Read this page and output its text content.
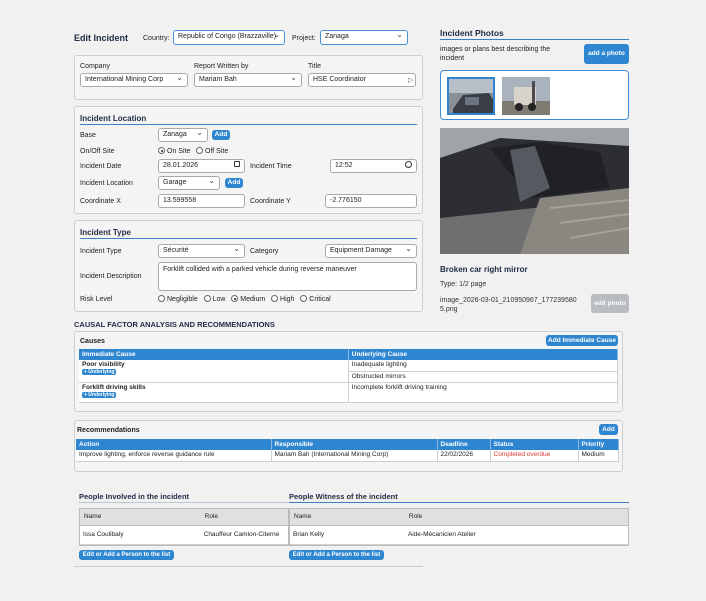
Edit Incident Country:	Republic of Congo (Brazzaville) ⌄	Project:	Zanaga ⌄
Company
International Mining Corp ⌄
Report Written by
Mariam Bah ⌄
Title
HSE Coordinator	▷
Incident Location
Base	Zanaga ⌄	Add
On/Off Site	On Site	Off Site
Incident Date	28.01.2026	Incident Time	12:52
Incident Location	Garage ⌄	Add
Coordinate X	13.599558	Coordinate Y	-2.776150
Incident Type
Incident Type	Sécurité ⌄	Category	Equipment Damage ⌄
Incident Description
Forklift collided with a parked vehicle during reverse maneuver
Risk Level	Negligible Low Medium High Critical
Incident Photos
images or plans best describing the incident
add a photo
Broken car right mirror
Type: 1/2 page
image_2026-03-01_210950967_1772395805.png
edit photo
CAUSAL FACTOR ANALYSIS AND RECOMMENDATIONS
Causes	Add Immediate Cause
Immediate Cause	Underlying Cause

Poor visibility
+ Underlying	Inadequate lighting
	Obstructed mirrors

Forklift driving skills
+ Underlying	Incomplete forklift driving training
Recommendations	Add
Action	Responsible	Deadline	Status	Priority
Improve lighting, enforce reverse guidance rule	Mariam Bah (International Mining Corp)	22/02/2026	Completed overdue	Medium
People Involved in the incident	People Witness of the incident
Name	Role
Issa Coulibaly	Chauffeur Camion-Citerne
Name	Role
Brian Kelly	Aide-Mécanicien Atelier
Edit or Add a Person to the list	Edit or Add a Person to the list
